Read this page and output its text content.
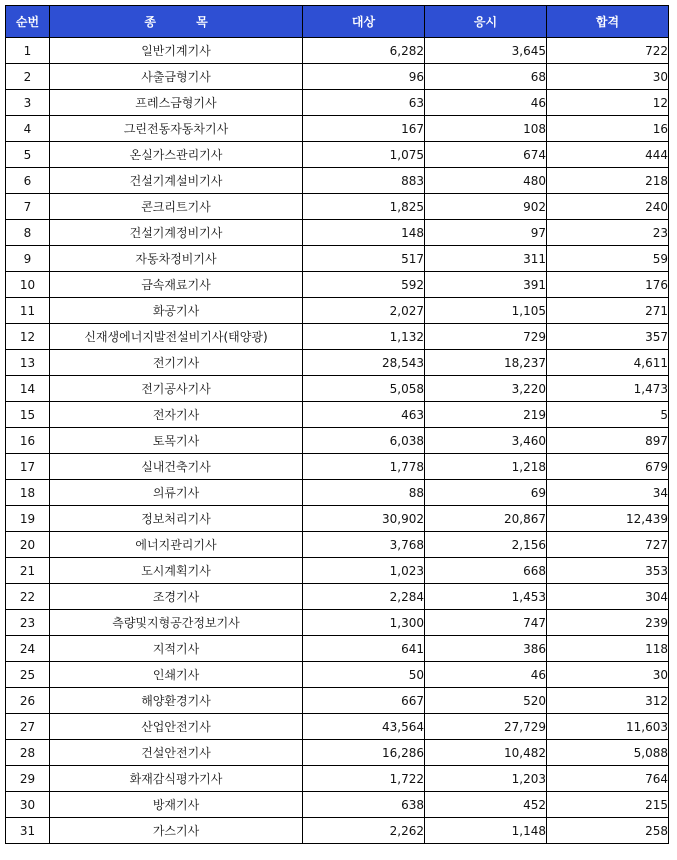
순번	종 목	대상	응시	합격
1	일반기계기사	6,282	3,645	722
2	사출금형기사	96	68	30
3	프레스금형기사	63	46	12
4	그린전동자동차기사	167	108	16
5	온실가스관리기사	1,075	674	444
6	건설기계설비기사	883	480	218
7	콘크리트기사	1,825	902	240
8	건설기계정비기사	148	97	23
9	자동차정비기사	517	311	59
10	금속재료기사	592	391	176
11	화공기사	2,027	1,105	271
12	신재생에너지발전설비기사(태양광)	1,132	729	357
13	전기기사	28,543	18,237	4,611
14	전기공사기사	5,058	3,220	1,473
15	전자기사	463	219	5
16	토목기사	6,038	3,460	897
17	실내건축기사	1,778	1,218	679
18	의류기사	88	69	34
19	정보처리기사	30,902	20,867	12,439
20	에너지관리기사	3,768	2,156	727
21	도시계획기사	1,023	668	353
22	조경기사	2,284	1,453	304
23	측량및지형공간정보기사	1,300	747	239
24	지적기사	641	386	118
25	인쇄기사	50	46	30
26	해양환경기사	667	520	312
27	산업안전기사	43,564	27,729	11,603
28	건설안전기사	16,286	10,482	5,088
29	화재감식평가기사	1,722	1,203	764
30	방재기사	638	452	215
31	가스기사	2,262	1,148	258
